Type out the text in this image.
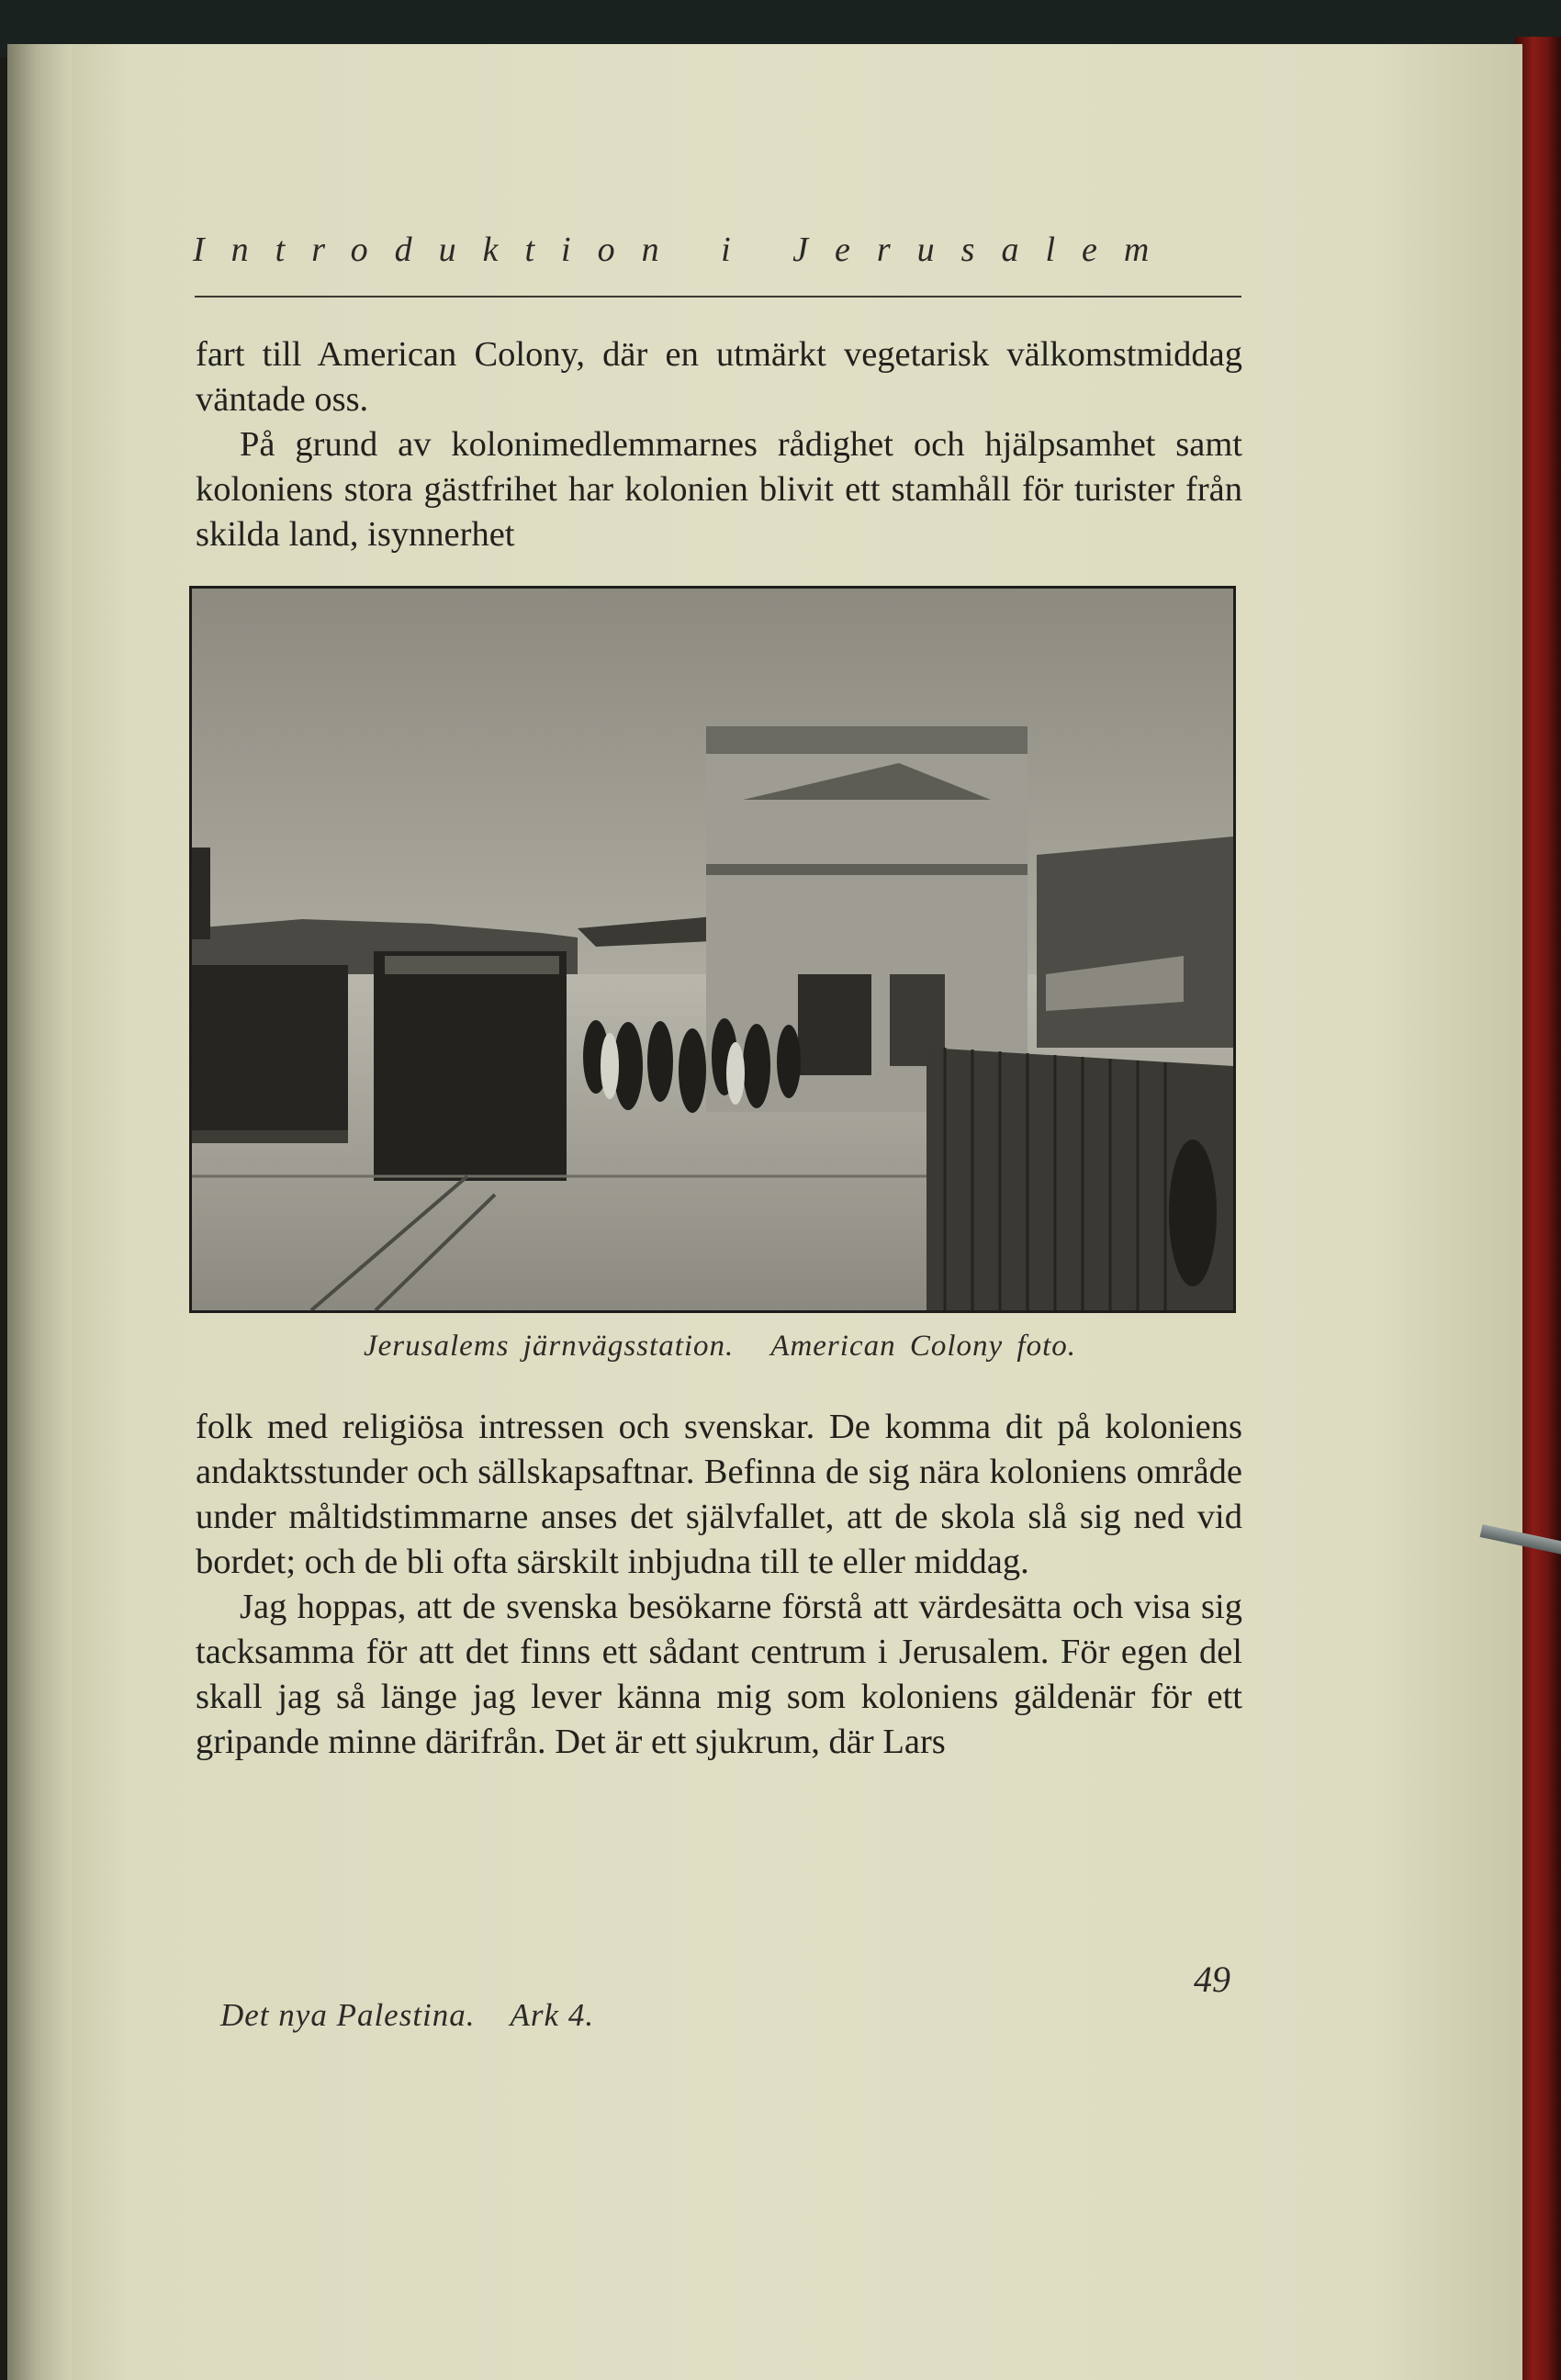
Introduktion i Jerusalem

fart till American Colony, där en utmärkt vegetarisk välkomstmiddag väntade oss.

På grund av kolonimedlemmarnes rådighet och hjälpsamhet samt koloniens stora gästfrihet har kolonien blivit ett stamhåll för turister från skilda land, isynnerhet

Jerusalems järnvägsstation. American Colony foto.

folk med religiösa intressen och svenskar. De komma dit på koloniens andaktsstunder och sällskapsaftnar. Befinna de sig nära koloniens område under måltidstimmarne anses det självfallet, att de skola slå sig ned vid bordet; och de bli ofta särskilt inbjudna till te eller middag.

Jag hoppas, att de svenska besökarne förstå att värdesätta och visa sig tacksamma för att det finns ett sådant centrum i Jerusalem. För egen del skall jag så länge jag lever känna mig som koloniens gäldenär för ett gripande minne därifrån. Det är ett sjukrum, där Lars

49
Det nya Palestina. Ark 4.
